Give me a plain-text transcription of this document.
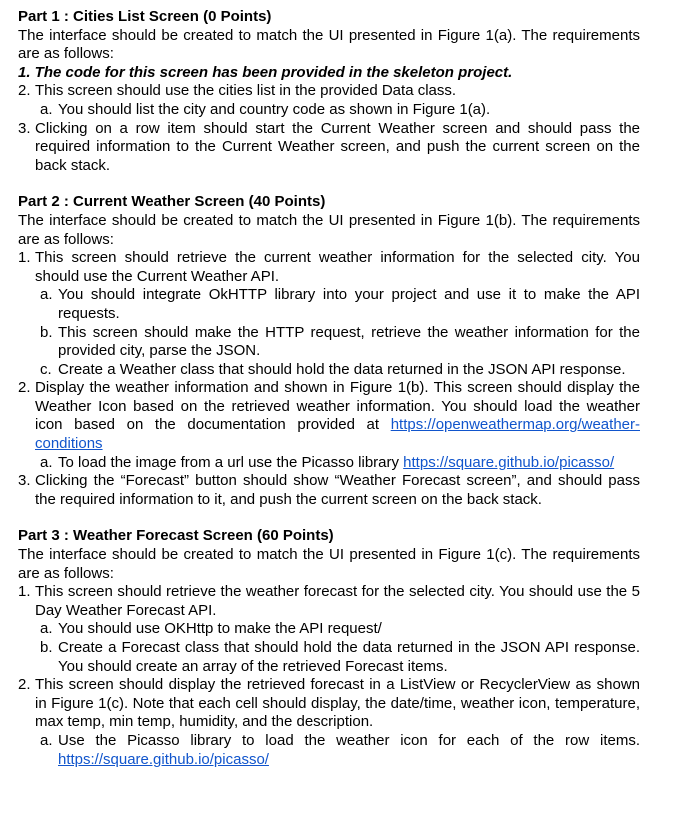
Part 1 : Cities List Screen (0 Points)
The interface should be created to match the UI presented in Figure 1(a). The requirements are as follows:
1. The code for this screen has been provided in the skeleton project.
2. This screen should use the cities list in the provided Data class.
a. You should list the city and country code as shown in Figure 1(a).
3. Clicking on a row item should start the Current Weather screen and should pass the required information to the Current Weather screen, and push the current screen on the back stack.
Part 2 : Current Weather Screen (40 Points)
The interface should be created to match the UI presented in Figure 1(b). The requirements are as follows:
1. This screen should retrieve the current weather information for the selected city. You should use the Current Weather API.
a. You should integrate OkHTTP library into your project and use it to make the API requests.
b. This screen should make the HTTP request, retrieve the weather information for the provided city, parse the JSON.
c. Create a Weather class that should hold the data returned in the JSON API response.
2. Display the weather information and shown in Figure 1(b). This screen should display the Weather Icon based on the retrieved weather information. You should load the weather icon based on the documentation provided at https://openweathermap.org/weather-conditions
a. To load the image from a url use the Picasso library https://square.github.io/picasso/
3. Clicking the “Forecast” button should show “Weather Forecast screen”, and should pass the required information to it, and push the current screen on the back stack.
Part 3 : Weather Forecast Screen (60 Points)
The interface should be created to match the UI presented in Figure 1(c). The requirements are as follows:
1. This screen should retrieve the weather forecast for the selected city. You should use the 5 Day Weather Forecast API.
a. You should use OKHttp to make the API request/
b. Create a Forecast class that should hold the data returned in the JSON API response. You should create an array of the retrieved Forecast items.
2. This screen should display the retrieved forecast in a ListView or RecyclerView as shown in Figure 1(c). Note that each cell should display, the date/time, weather icon, temperature, max temp, min temp, humidity, and the description.
a. Use the Picasso library to load the weather icon for each of the row items. https://square.github.io/picasso/
